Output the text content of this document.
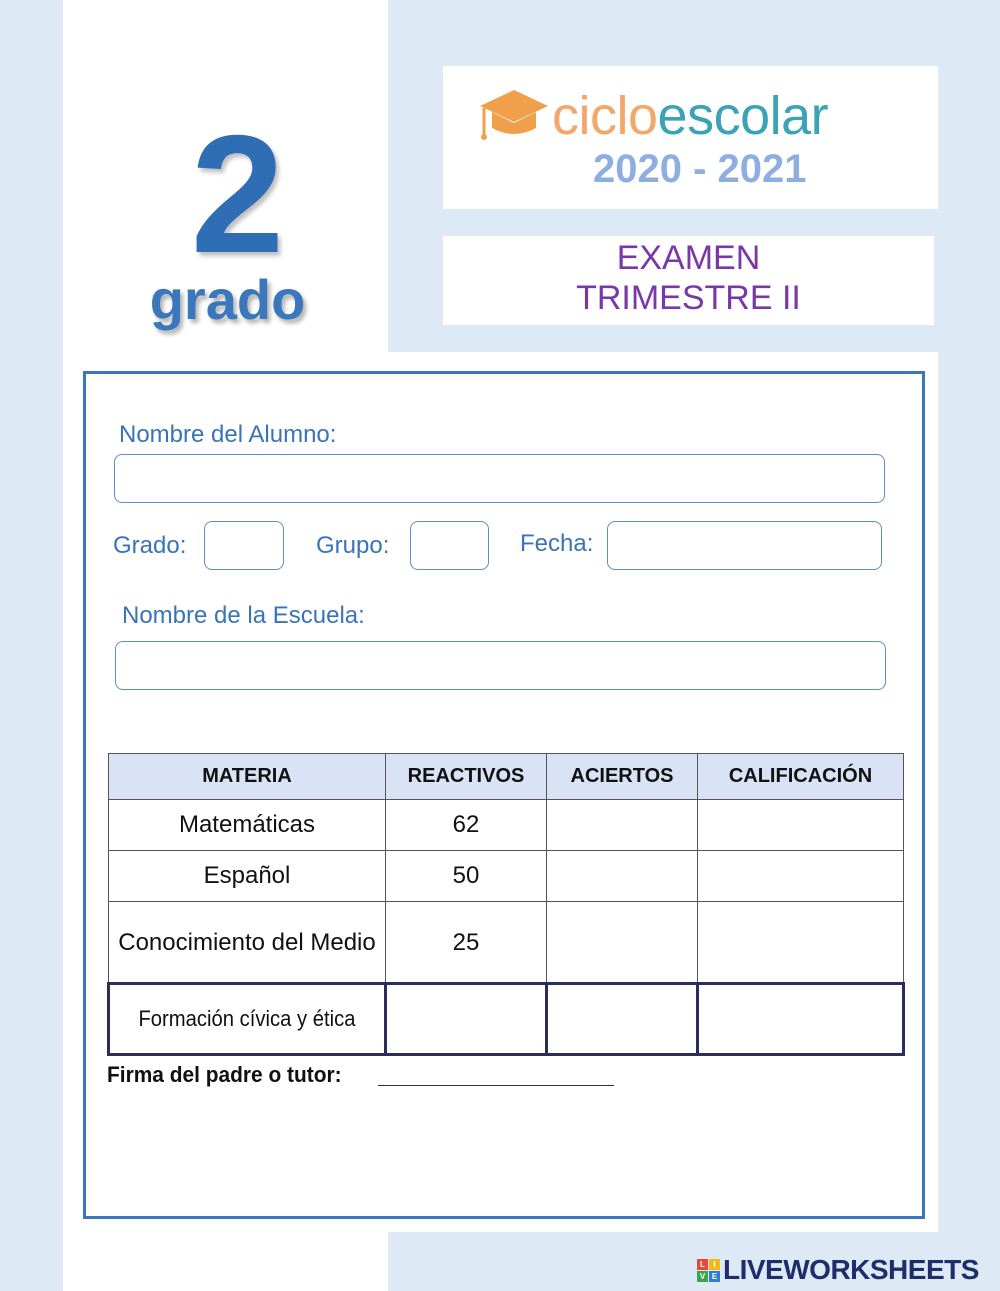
2
grado
cicloescolar
2020 - 2021
EXAMEN
TRIMESTRE II
Nombre del Alumno:
Grado:	Grupo:	Fecha:
Nombre de la Escuela:
MATERIA	REACTIVOS	ACIERTOS	CALIFICACIÓN
Matemáticas	62		
Español	50		
Conocimiento del Medio	25		
Formación cívica y ética			
Firma del padre o tutor:
L	I
V E LIVEWORKSHEETS
